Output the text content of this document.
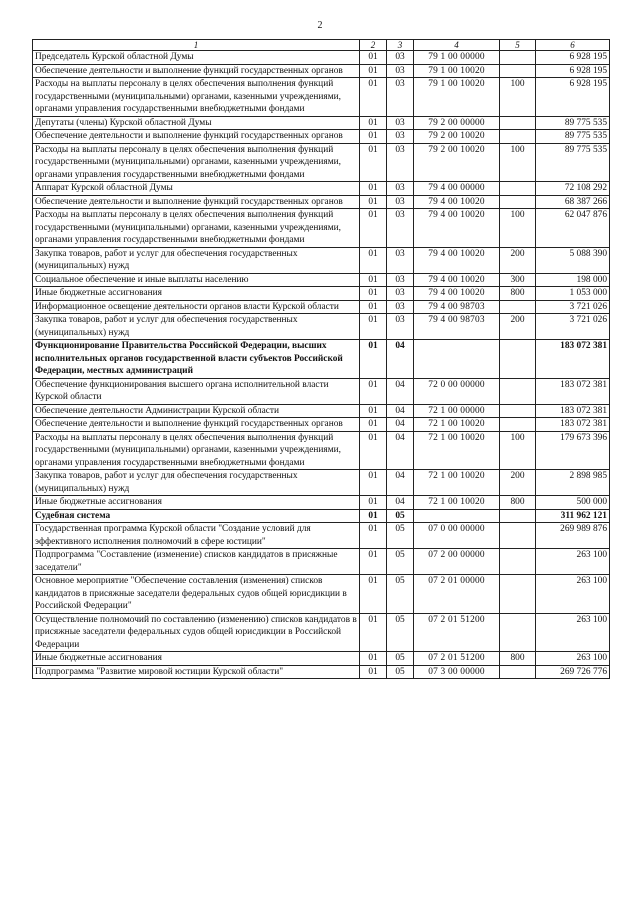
2
1	2	3	4	5	6
Председатель Курской областной Думы	01	03	79 1 00 00000		6 928 195
Обеспечение деятельности и выполнение функций государственных органов	01	03	79 1 00 10020		6 928 195
Расходы на выплаты персоналу в целях обеспечения выполнения функций государственными (муниципальными) органами, казенными учреждениями, органами управления государственными внебюджетными фондами	01	03	79 1 00 10020	100	6 928 195
Депутаты (члены) Курской областной Думы	01	03	79 2 00 00000		89 775 535
Обеспечение деятельности и выполнение функций государственных органов	01	03	79 2 00 10020		89 775 535
Расходы на выплаты персоналу в целях обеспечения выполнения функций государственными (муниципальными) органами, казенными учреждениями, органами управления государственными внебюджетными фондами	01	03	79 2 00 10020	100	89 775 535
Аппарат Курской областной Думы	01	03	79 4 00 00000		72 108 292
Обеспечение деятельности и выполнение функций государственных органов	01	03	79 4 00 10020		68 387 266
Расходы на выплаты персоналу в целях обеспечения выполнения функций государственными (муниципальными) органами, казенными учреждениями, органами управления государственными внебюджетными фондами	01	03	79 4 00 10020	100	62 047 876
Закупка товаров, работ и услуг для обеспечения государственных (муниципальных) нужд	01	03	79 4 00 10020	200	5 088 390
Социальное обеспечение и иные выплаты населению	01	03	79 4 00 10020	300	198 000
Иные бюджетные ассигнования	01	03	79 4 00 10020	800	1 053 000
Информационное освещение деятельности органов власти Курской области	01	03	79 4 00 98703		3 721 026
Закупка товаров, работ и услуг для обеспечения государственных (муниципальных) нужд	01	03	79 4 00 98703	200	3 721 026
Функционирование Правительства Российской Федерации, высших исполнительных органов государственной власти субъектов Российской Федерации, местных администраций	01	04			183 072 381
Обеспечение функционирования высшего органа исполнительной власти Курской области	01	04	72 0 00 00000		183 072 381
Обеспечение деятельности Администрации Курской области	01	04	72 1 00 00000		183 072 381
Обеспечение деятельности и выполнение функций государственных органов	01	04	72 1 00 10020		183 072 381
Расходы на выплаты персоналу в целях обеспечения выполнения функций государственными (муниципальными) органами, казенными учреждениями, органами управления государственными внебюджетными фондами	01	04	72 1 00 10020	100	179 673 396
Закупка товаров, работ и услуг для обеспечения государственных (муниципальных) нужд	01	04	72 1 00 10020	200	2 898 985
Иные бюджетные ассигнования	01	04	72 1 00 10020	800	500 000
Судебная система	01	05			311 962 121
Государственная программа Курской области "Создание условий для эффективного исполнения полномочий в сфере юстиции"	01	05	07 0 00 00000		269 989 876
Подпрограмма "Составление (изменение) списков кандидатов в присяжные заседатели"	01	05	07 2 00 00000		263 100
Основное мероприятие "Обеспечение составления (изменения) списков кандидатов в присяжные заседатели федеральных судов общей юрисдикции в Российской Федерации"	01	05	07 2 01 00000		263 100
Осуществление полномочий по составлению (изменению) списков кандидатов в присяжные заседатели федеральных судов общей юрисдикции в Российской Федерации	01	05	07 2 01 51200		263 100
Иные бюджетные ассигнования	01	05	07 2 01 51200	800	263 100
Подпрограмма "Развитие мировой юстиции Курской области"	01	05	07 3 00 00000		269 726 776
